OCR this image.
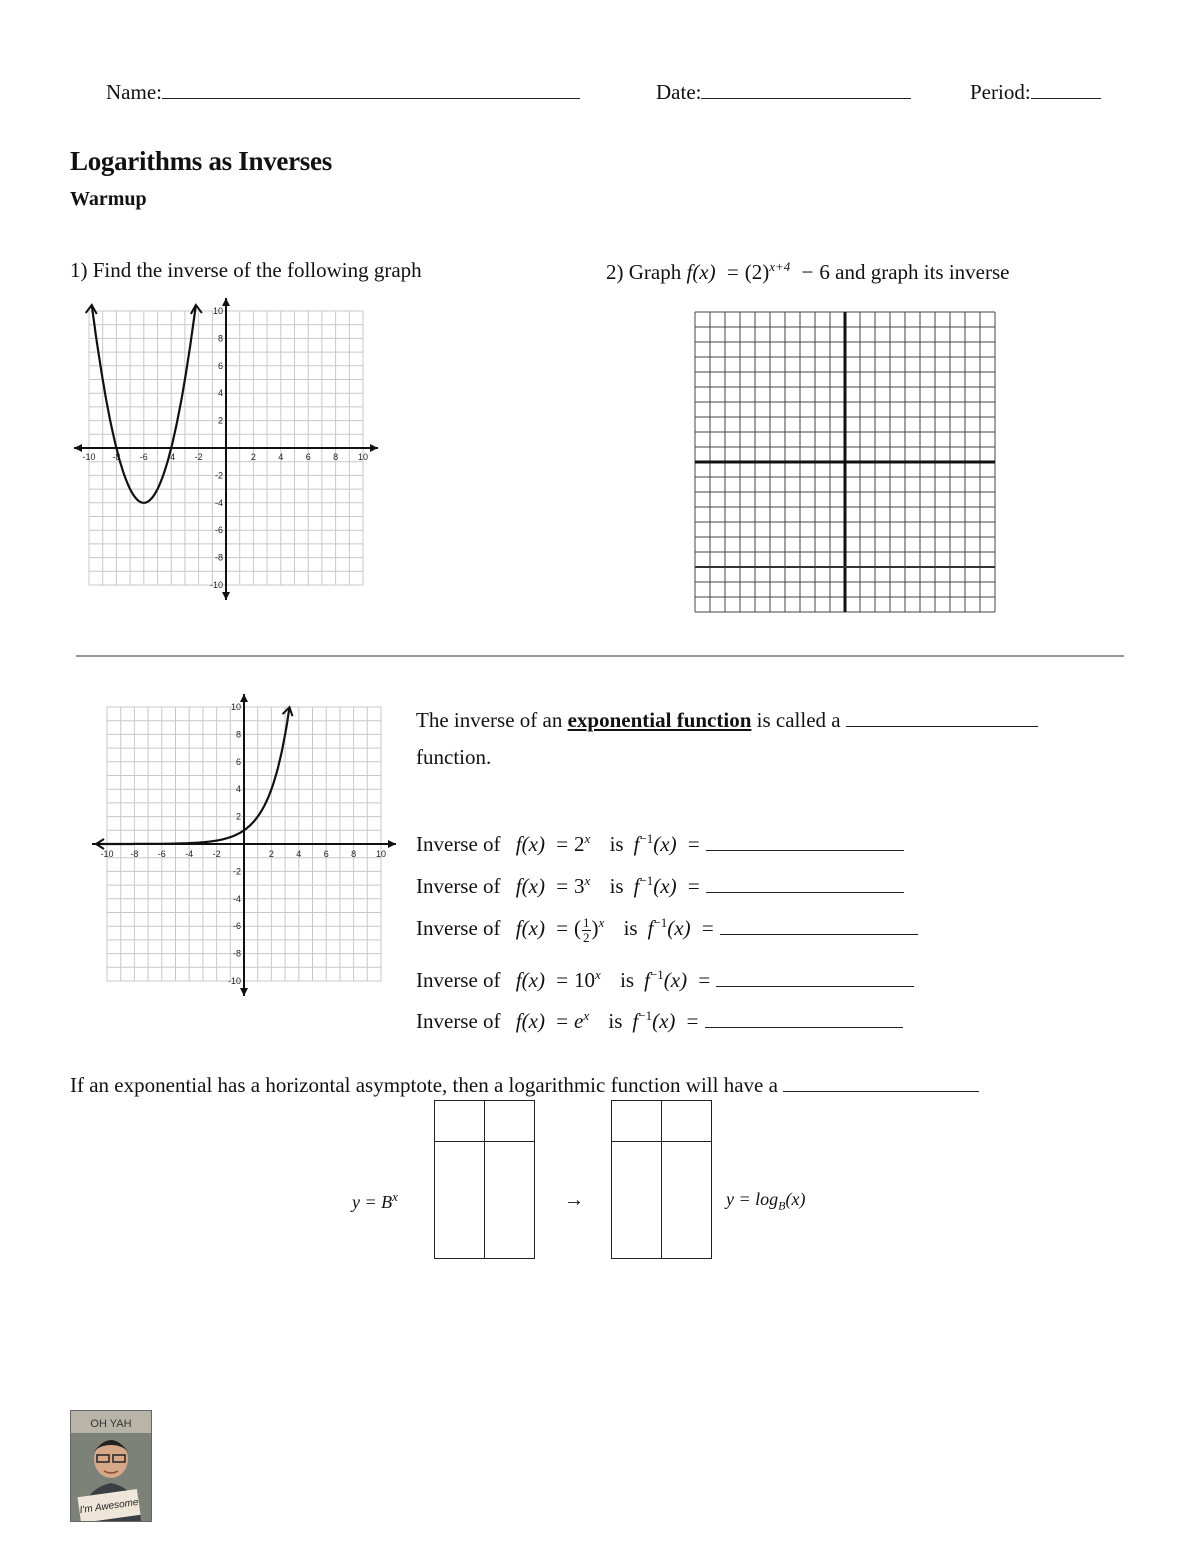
Name:	Date:	Period:
Logarithms as Inverses
Warmup
1) Find the inverse of the following graph
-10 -8 -6 -4 -2	2 4 6 8 10
10
8
6
4
2
-2
-4
-6
-8
-10
2) Graph $f(x) = (2)^{x+4} - 6$ and graph its inverse
-10 -8 -6 -4 -2	2 4 6 8 10
10
8
6
4
2
-2
-4
-6
-8
-10
The inverse of an exponential function is called a
function.
Inverse of $f(x) = 2^x$ is $f^{-1}(x)$ =
Inverse of $f(x) = 3^x$ is $f^{-1}(x)$ =
Inverse of f(x) = ( $\frac{1}{2} )^x$ is $f^{-1}(x)$ =
Inverse of $f(x) = 10^x$ is $f^{-1}(x)$ =
Inverse of $f(x) = e^x$ is $f^{-1}(x)$ =
If an exponential has a horizontal asymptote, then a logarithmic function will have a
$y = B^x$	→	$y = \log_B(x)$
OH YAH
I'm Awesome
